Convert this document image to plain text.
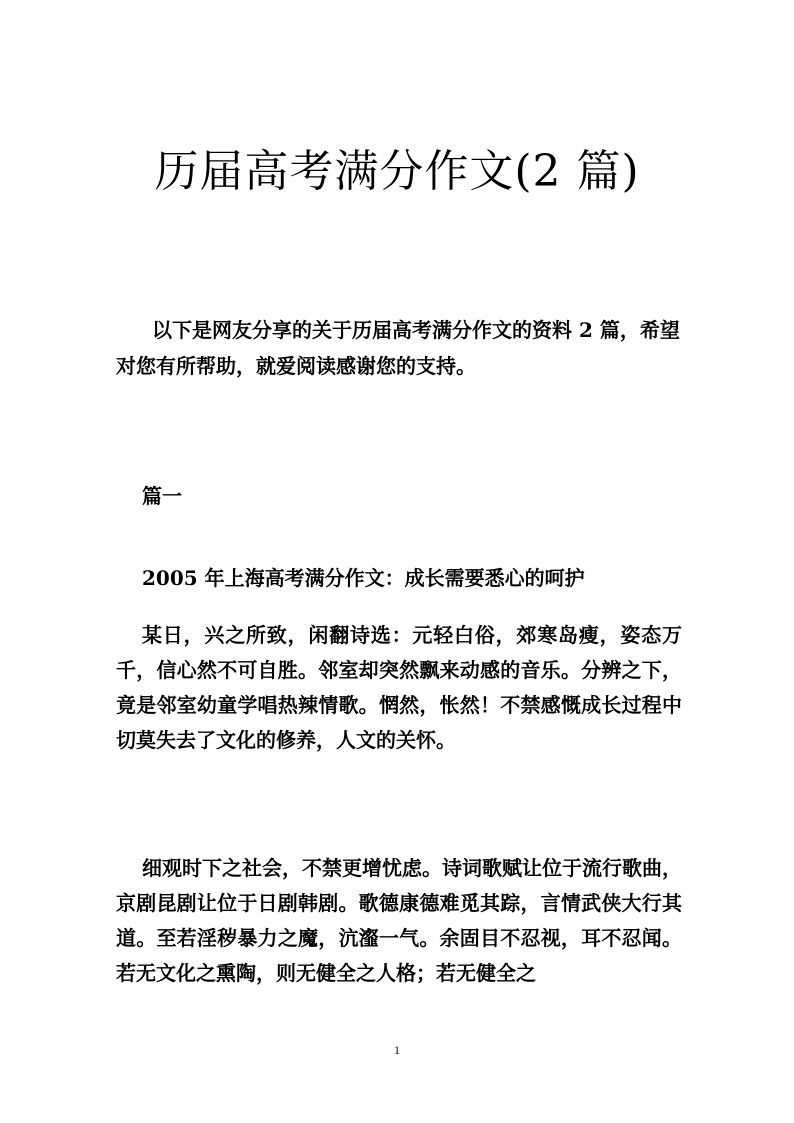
历届高考满分作文(2 篇)

以下是网友分享的关于历届高考满分作文的资料 2 篇，希望对您有所帮助，就爱阅读感谢您的支持。

篇一

2005 年上海高考满分作文：成长需要悉心的呵护

某日，兴之所致，闲翻诗选：元轻白俗，郊寒岛瘦，姿态万千，信心然不可自胜。邻室却突然飘来动感的音乐。分辨之下，竟是邻室幼童学唱热辣情歌。惘然，怅然！不禁感慨成长过程中切莫失去了文化的修养，人文的关怀。

细观时下之社会，不禁更增忧虑。诗词歌赋让位于流行歌曲，京剧昆剧让位于日剧韩剧。歌德康德难觅其踪，言情武侠大行其道。至若淫秽暴力之魔，沆瀣一气。余固目不忍视，耳不忍闻。若无文化之熏陶，则无健全之人格；若无健全之

1
